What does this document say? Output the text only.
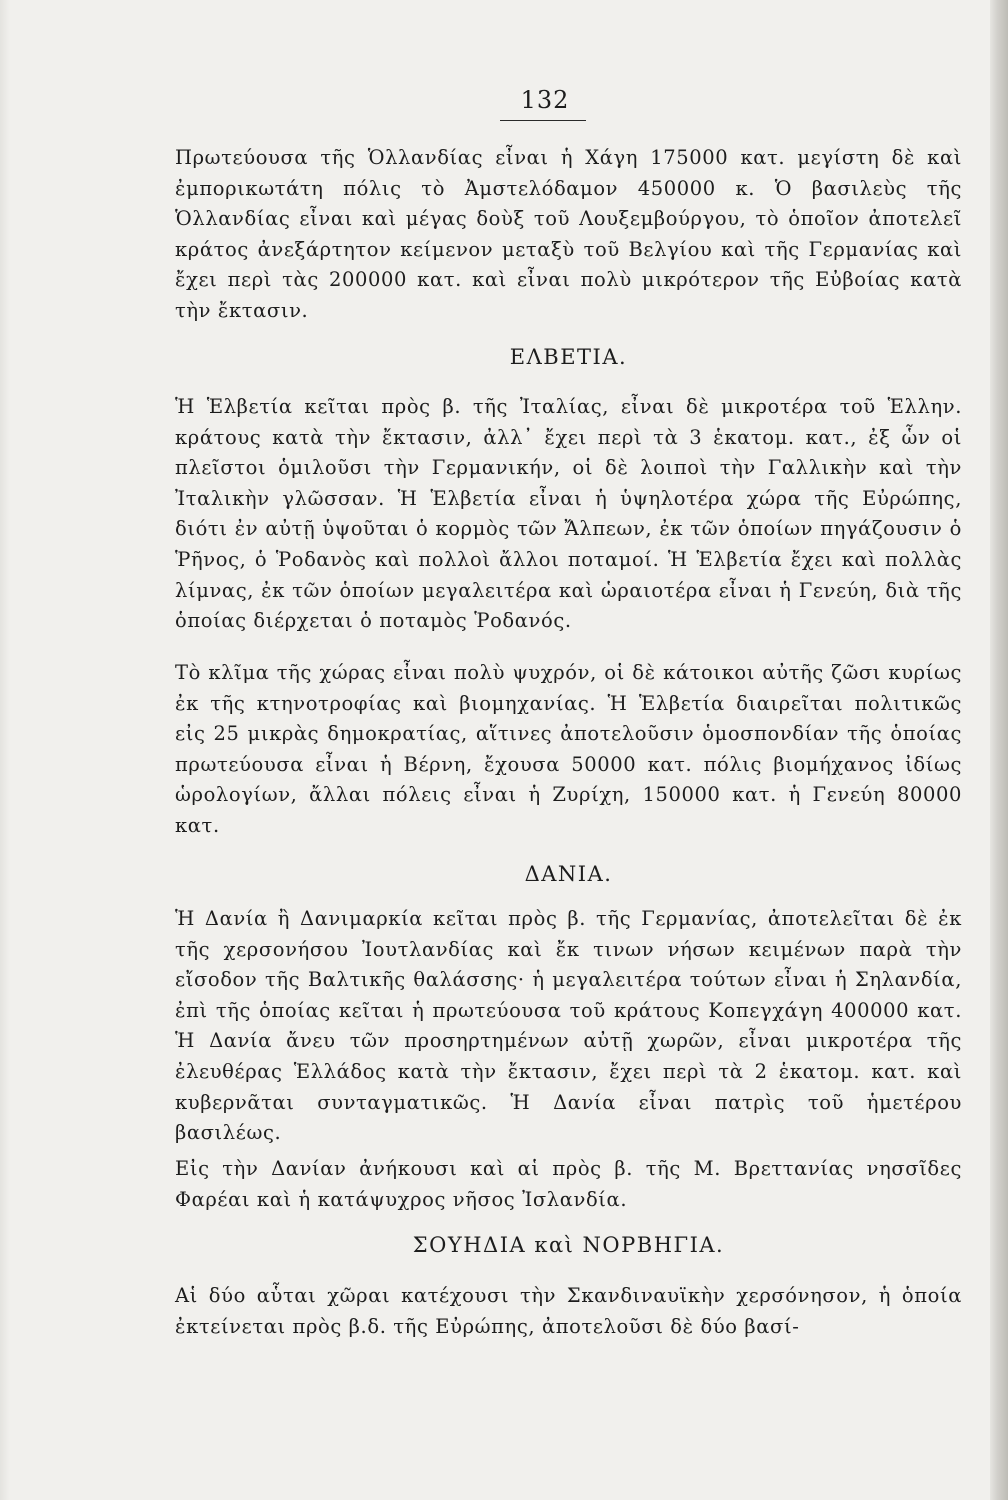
132
Πρωτεύουσα τῆς Ὁλλανδίας εἶναι ἡ Χάγη 175000 κατ. μεγίστη δὲ καὶ ἐμπορικωτάτη πόλις τὸ Ἀμστελόδαμον 450000 κ. Ὁ βασιλεὺς τῆς Ὁλλανδίας εἶναι καὶ μέγας δοὺξ τοῦ Λουξεμβούργου, τὸ ὁποῖον ἀποτελεῖ κράτος ἀνεξάρτητον κείμενον μεταξὺ τοῦ Βελγίου καὶ τῆς Γερμανίας καὶ ἔχει περὶ τὰς 200000 κατ. καὶ εἶναι πολὺ μικρότερον τῆς Εὐβοίας κατὰ τὴν ἔκτασιν.
ΕΛΒΕΤΙΑ.
Ἡ Ἑλβετία κεῖται πρὸς β. τῆς Ἰταλίας, εἶναι δὲ μικροτέρα τοῦ Ἑλλην. κράτους κατὰ τὴν ἔκτασιν, ἀλλ᾽ ἔχει περὶ τὰ 3 ἑκατομ. κατ., ἐξ ὧν οἱ πλεῖστοι ὁμιλοῦσι τὴν Γερμανικήν, οἱ δὲ λοιποὶ τὴν Γαλλικὴν καὶ τὴν Ἰταλικὴν γλῶσσαν. Ἡ Ἑλβετία εἶναι ἡ ὑψηλοτέρα χώρα τῆς Εὐρώπης, διότι ἐν αὐτῇ ὑψοῦται ὁ κορμὸς τῶν Ἄλπεων, ἐκ τῶν ὁποίων πηγάζουσιν ὁ Ῥῆνος, ὁ Ῥοδανὸς καὶ πολλοὶ ἄλλοι ποταμοί. Ἡ Ἑλβετία ἔχει καὶ πολλὰς λίμνας, ἐκ τῶν ὁποίων μεγαλειτέρα καὶ ὡραιοτέρα εἶναι ἡ Γενεύη, διὰ τῆς ὁποίας διέρχεται ὁ ποταμὸς Ῥοδανός.
Τὸ κλῖμα τῆς χώρας εἶναι πολὺ ψυχρόν, οἱ δὲ κάτοικοι αὐτῆς ζῶσι κυρίως ἐκ τῆς κτηνοτροφίας καὶ βιομηχανίας. Ἡ Ἑλβετία διαιρεῖται πολιτικῶς εἰς 25 μικρὰς δημοκρατίας, αἵτινες ἀποτελοῦσιν ὁμοσπονδίαν τῆς ὁποίας πρωτεύουσα εἶναι ἡ Βέρνη, ἔχουσα 50000 κατ. πόλις βιομήχανος ἰδίως ὡρολογίων, ἄλλαι πόλεις εἶναι ἡ Ζυρίχη, 150000 κατ. ἡ Γενεύη 80000 κατ.
ΔΑΝΙΑ.
Ἡ Δανία ἢ Δανιμαρκία κεῖται πρὸς β. τῆς Γερμανίας, ἀποτελεῖται δὲ ἐκ τῆς χερσονήσου Ἰουτλανδίας καὶ ἔκ τινων νήσων κειμένων παρὰ τὴν εἴσοδον τῆς Βαλτικῆς θαλάσσης· ἡ μεγαλειτέρα τούτων εἶναι ἡ Σηλανδία, ἐπὶ τῆς ὁποίας κεῖται ἡ πρωτεύουσα τοῦ κράτους Κοπεγχάγη 400000 κατ. Ἡ Δανία ἄνευ τῶν προσηρτημένων αὐτῇ χωρῶν, εἶναι μικροτέρα τῆς ἐλευθέρας Ἑλλάδος κατὰ τὴν ἔκτασιν, ἔχει περὶ τὰ 2 ἑκατομ. κατ. καὶ κυβερνᾶται συνταγματικῶς. Ἡ Δανία εἶναι πατρὶς τοῦ ἡμετέρου βασιλέως.
Εἰς τὴν Δανίαν ἀνήκουσι καὶ αἱ πρὸς β. τῆς Μ. Βρεττανίας νησσῖδες Φαρέαι καὶ ἡ κατάψυχρος νῆσος Ἰσλανδία.
ΣΟΥΗΔΙΑ καὶ ΝΟΡΒΗΓΙΑ.
Αἱ δύο αὗται χῶραι κατέχουσι τὴν Σκανδιναυϊκὴν χερσόνησον, ἡ ὁποία ἐκτείνεται πρὸς β.δ. τῆς Εὐρώπης, ἀποτελοῦσι δὲ δύο βασί-
